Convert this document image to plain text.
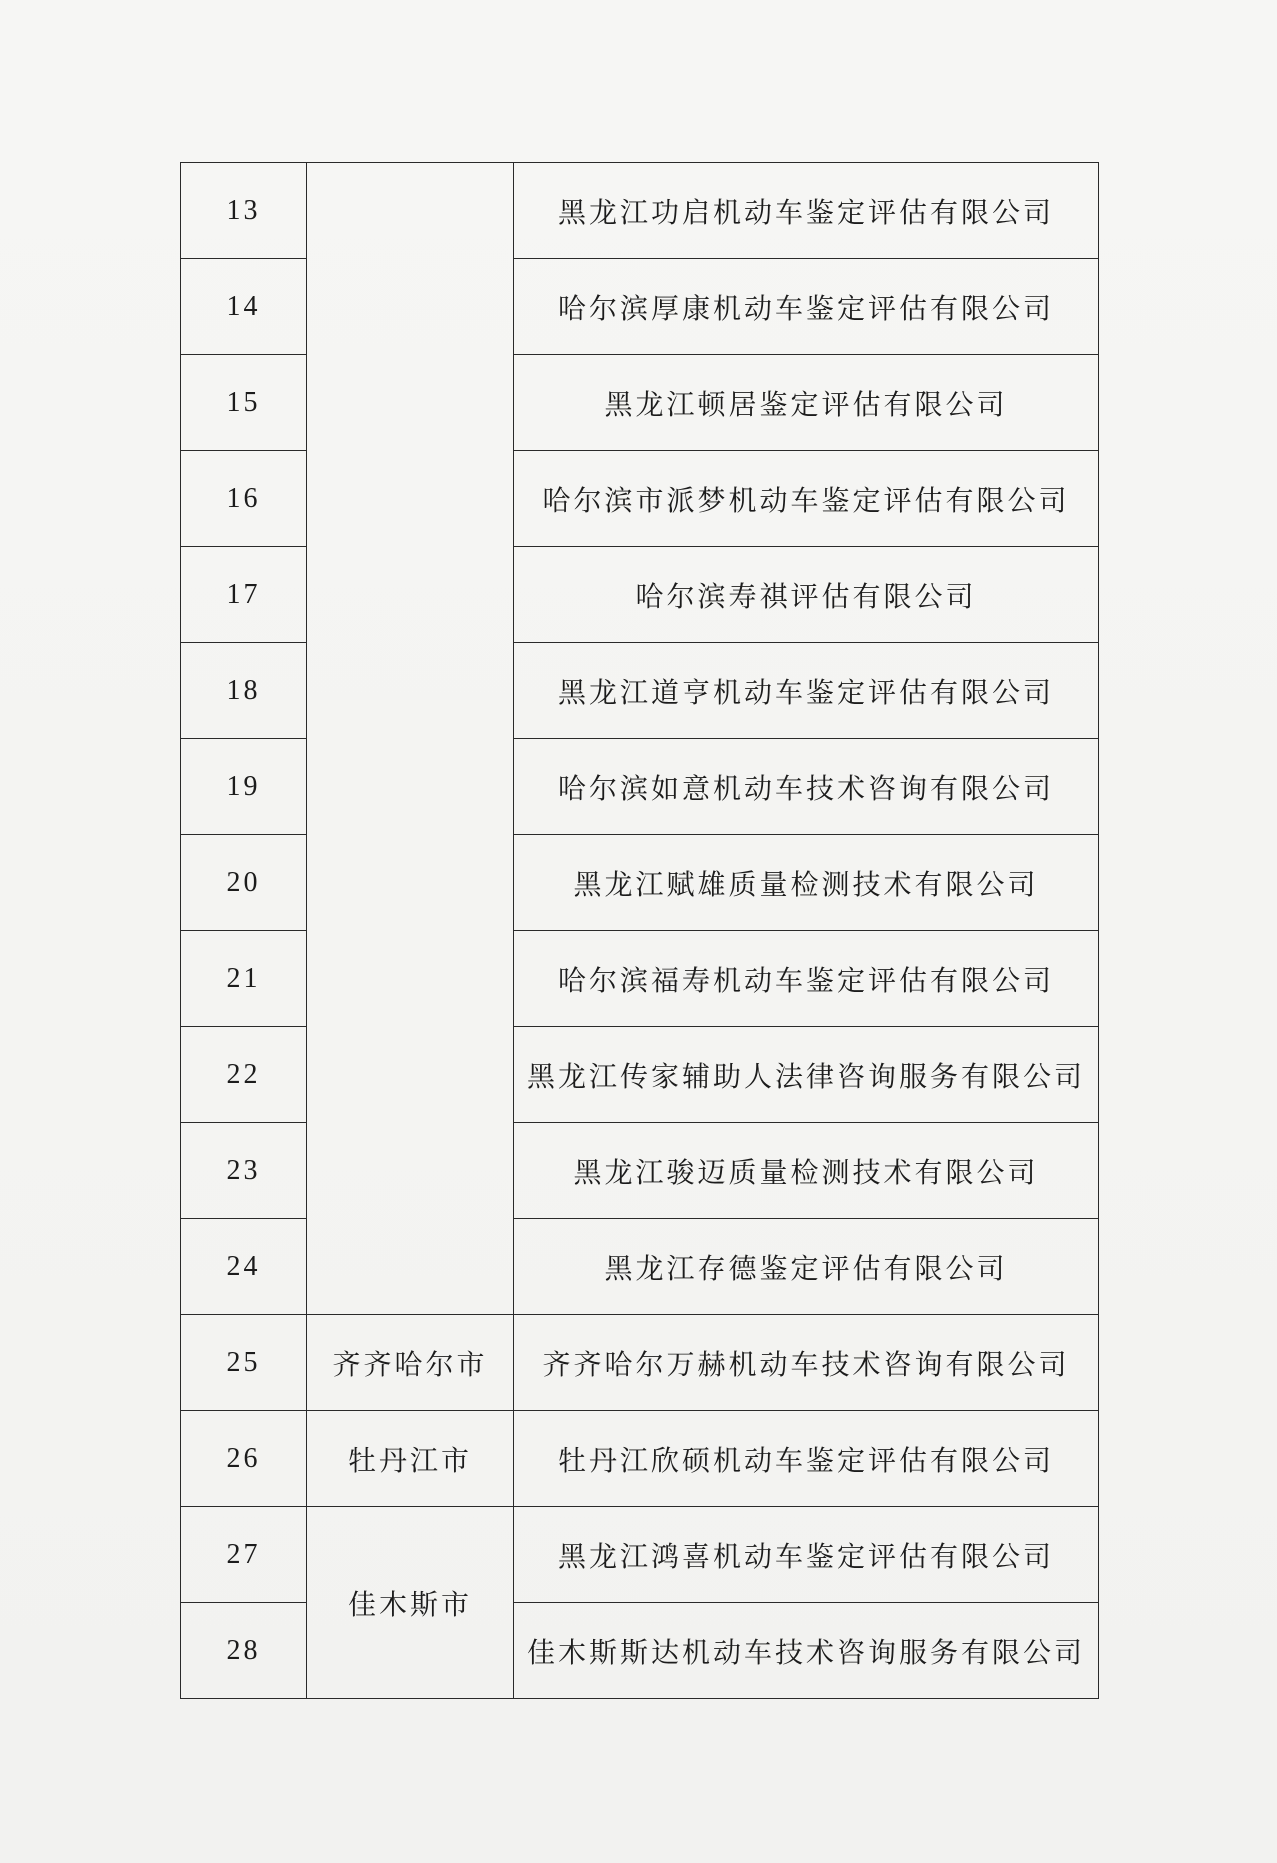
13		黑龙江功启机动车鉴定评估有限公司
14		哈尔滨厚康机动车鉴定评估有限公司
15		黑龙江顿居鉴定评估有限公司
16		哈尔滨市派梦机动车鉴定评估有限公司
17		哈尔滨寿祺评估有限公司
18		黑龙江道亨机动车鉴定评估有限公司
19		哈尔滨如意机动车技术咨询有限公司
20		黑龙江赋雄质量检测技术有限公司
21		哈尔滨福寿机动车鉴定评估有限公司
22		黑龙江传家辅助人法律咨询服务有限公司
23		黑龙江骏迈质量检测技术有限公司
24		黑龙江存德鉴定评估有限公司
25	齐齐哈尔市	齐齐哈尔万赫机动车技术咨询有限公司
26	牡丹江市	牡丹江欣硕机动车鉴定评估有限公司
27	佳木斯市	黑龙江鸿喜机动车鉴定评估有限公司
28		佳木斯斯达机动车技术咨询服务有限公司
